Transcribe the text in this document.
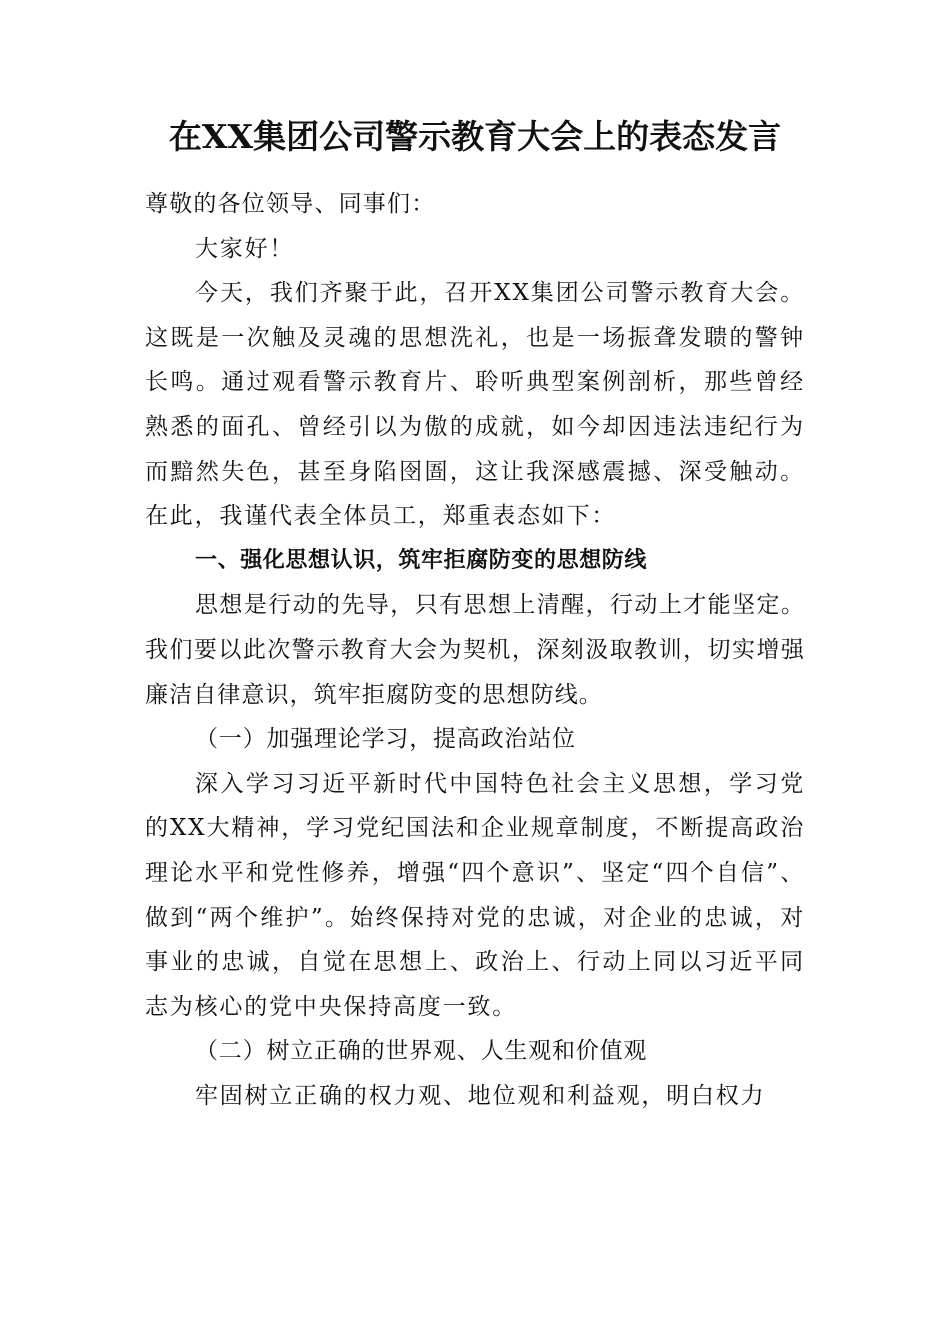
在XX集团公司警示教育大会上的表态发言

尊敬的各位领导、同事们：

大家好！

今天，我们齐聚于此，召开XX集团公司警示教育大会。这既是一次触及灵魂的思想洗礼，也是一场振聋发聩的警钟长鸣。通过观看警示教育片、聆听典型案例剖析，那些曾经熟悉的面孔、曾经引以为傲的成就，如今却因违法违纪行为而黯然失色，甚至身陷囹圄，这让我深感震撼、深受触动。在此，我谨代表全体员工，郑重表态如下：

一、强化思想认识，筑牢拒腐防变的思想防线

思想是行动的先导，只有思想上清醒，行动上才能坚定。我们要以此次警示教育大会为契机，深刻汲取教训，切实增强廉洁自律意识，筑牢拒腐防变的思想防线。

（一）加强理论学习，提高政治站位

深入学习习近平新时代中国特色社会主义思想，学习党的XX大精神，学习党纪国法和企业规章制度，不断提高政治理论水平和党性修养，增强“四个意识”、坚定“四个自信”、做到“两个维护”。始终保持对党的忠诚，对企业的忠诚，对事业的忠诚，自觉在思想上、政治上、行动上同以习近平同志为核心的党中央保持高度一致。

（二）树立正确的世界观、人生观和价值观

牢固树立正确的权力观、地位观和利益观，明白权力
